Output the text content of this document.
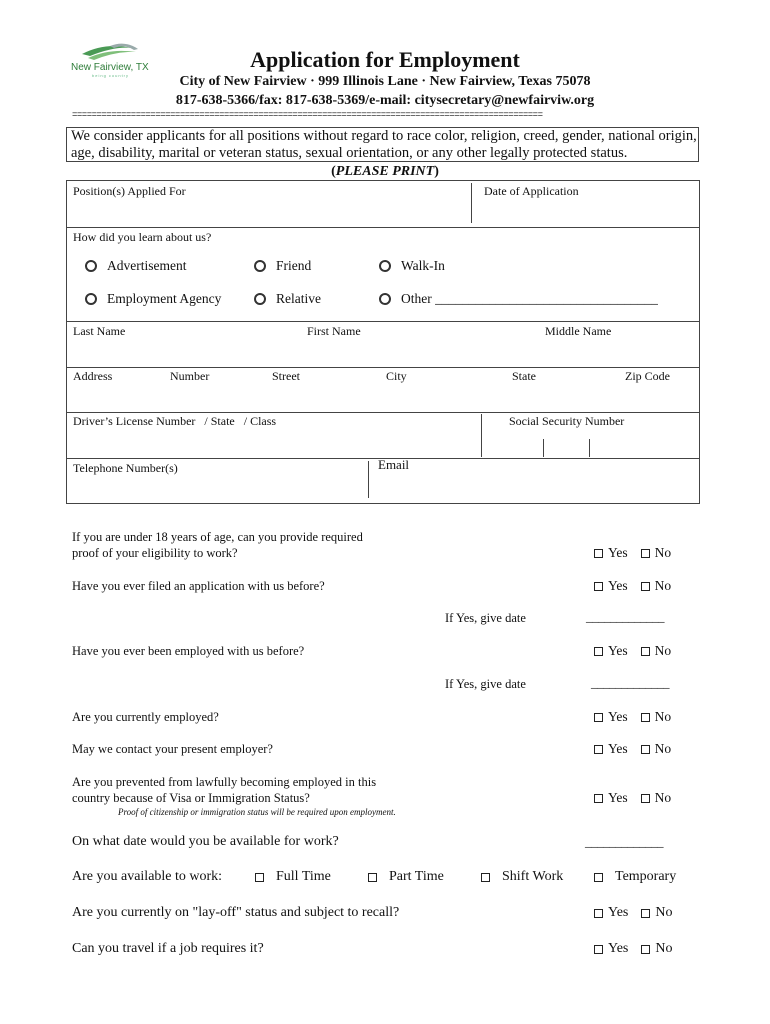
New Fairview, TX
being country
Application for Employment
City of New Fairview · 999 Illinois Lane · New Fairview, Texas 75078
817-638-5366/fax: 817-638-5369/e-mail: citysecretary@newfairviw.org
================================================================================================
We consider applicants for all positions without regard to race color, religion, creed, gender, national origin, age, disability, marital or veteran status, sexual orientation, or any other legally protected status.
(PLEASE PRINT)
Position(s) Applied For	Date of Application
How did you learn about us?
Advertisement	Friend	Walk-In
Employment Agency	Relative	Other
_________________________________
Last Name	First Name	Middle Name
Address	Number	Street	City	State	Zip Code
Driver’s License Number / State / Class	Social Security Number
Telephone Number(s)	Email
If you are under 18 years of age, can you provide required
proof of your eligibility to work?	Yes No
Have you ever filed an application with us before?	Yes No
If Yes, give date	_____________
Have you ever been employed with us before?	Yes No
If Yes, give date	_____________
Are you currently employed?	Yes No
May we contact your present employer?	Yes No
Are you prevented from lawfully becoming employed in this
country because of Visa or Immigration Status?	Yes No
Proof of citizenship or immigration status will be required upon employment.
On what date would you be available for work?	_____________
Are you available to work:
	Full Time
	Part Time
	Shift Work
	Temporary
Are you currently on "lay-off" status and subject to recall?	Yes No
Can you travel if a job requires it?	Yes No
